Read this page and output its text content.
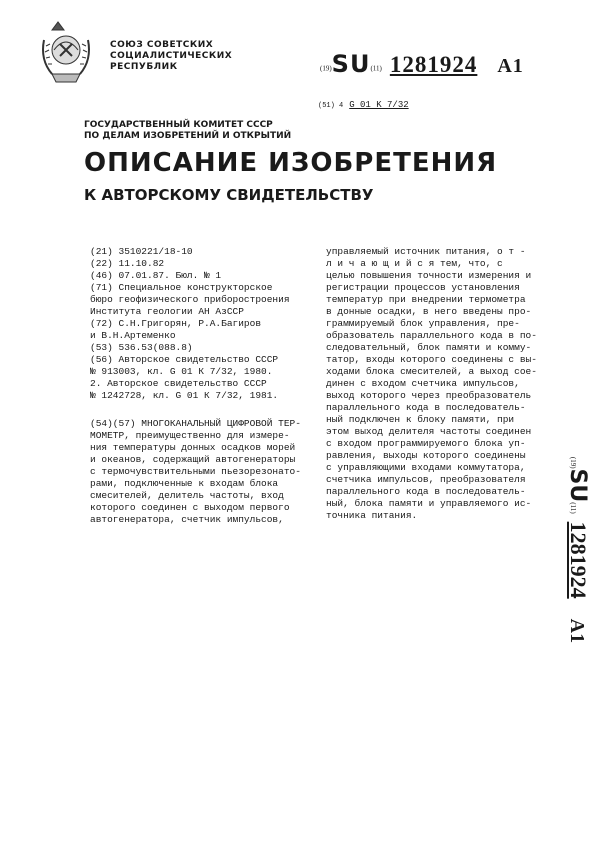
СОЮЗ СОВЕТСКИХ
СОЦИАЛИСТИЧЕСКИХ
РЕСПУБЛИК	(19)SU(11) 1281924 A1
(51) 4 G 01 K 7/32
ГОСУДАРСТВЕННЫЙ КОМИТЕТ СССР
ПО ДЕЛАМ ИЗОБРЕТЕНИЙ И ОТКРЫТИЙ
ОПИСАНИЕ ИЗОБРЕТЕНИЯ
К АВТОРСКОМУ СВИДЕТЕЛЬСТВУ
(21) 3510221/18-10
(22) 11.10.82
(46) 07.01.87. Бюл. № 1
(71) Специальное конструкторское
бюро геофизического приборостроения
Института геологии АН АзССР
(72) С.Н.Григорян, Р.А.Багиров
и В.Н.Артеменко
(53) 536.53(088.8)
(56) Авторское свидетельство СССР
№ 913003, кл. G 01 К 7/32, 1980.
2. Авторское свидетельство СССР
№ 1242728, кл. G 01 К 7/32, 1981.
(54)(57) МНОГОКАНАЛЬНЫЙ ЦИФРОВОЙ ТЕР-
МОМЕТР, преимущественно для измере-
ния температуры донных осадков морей
и океанов, содержащий автогенераторы
с термочувствительными пьезорезонато-
рами, подключенные к входам блока
смесителей, делитель частоты, вход
которого соединен с выходом первого
автогенератора, счетчик импульсов,
управляемый источник питания, о т -
л и ч а ю щ и й с я тем, что, с
целью повышения точности измерения и
регистрации процессов установления
температур при внедрении термометра
в донные осадки, в него введены про-
граммируемый блок управления, пре-
образователь параллельного кода в по-
следовательный, блок памяти и комму-
татор, входы которого соединены с вы-
ходами блока смесителей, а выход сое-
динен с входом счетчика импульсов,
выход которого через преобразователь
параллельного кода в последователь-
ный подключен к блоку памяти, при
этом выход делителя частоты соединен
с входом программируемого блока уп-
равления, выходы которого соединены
с управляющими входами коммутатора,
счетчика импульсов, преобразователя
параллельного кода в последователь-
ный, блока памяти и управляемого ис-
точника питания.
(19)SU(11)1281924A1
